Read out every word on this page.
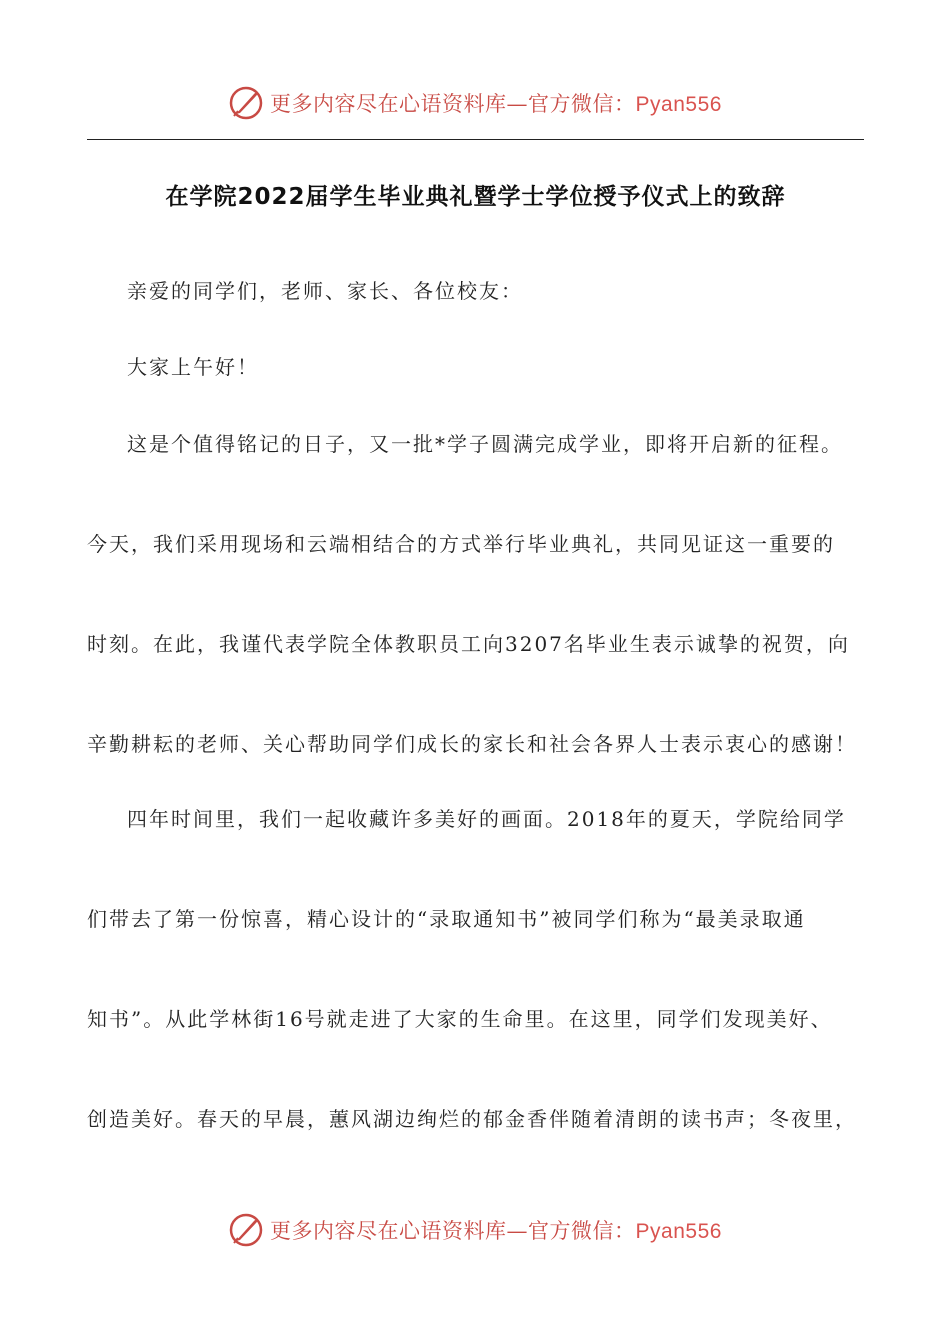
更多内容尽在心语资料库—官方微信：Pyan556
在学院2022届学生毕业典礼暨学士学位授予仪式上的致辞

亲爱的同学们，老师、家长、各位校友：

大家上午好！

这是个值得铭记的日子，又一批*学子圆满完成学业，即将开启新的征程。

今天，我们采用现场和云端相结合的方式举行毕业典礼，共同见证这一重要的

时刻。在此，我谨代表学院全体教职员工向3207名毕业生表示诚挚的祝贺，向

辛勤耕耘的老师、关心帮助同学们成长的家长和社会各界人士表示衷心的感谢！

四年时间里，我们一起收藏许多美好的画面。2018年的夏天，学院给同学

们带去了第一份惊喜，精心设计的“录取通知书”被同学们称为“最美录取通

知书”。从此学林街16号就走进了大家的生命里。在这里，同学们发现美好、

创造美好。春天的早晨，蕙风湖边绚烂的郁金香伴随着清朗的读书声；冬夜里，

更多内容尽在心语资料库—官方微信：Pyan556
